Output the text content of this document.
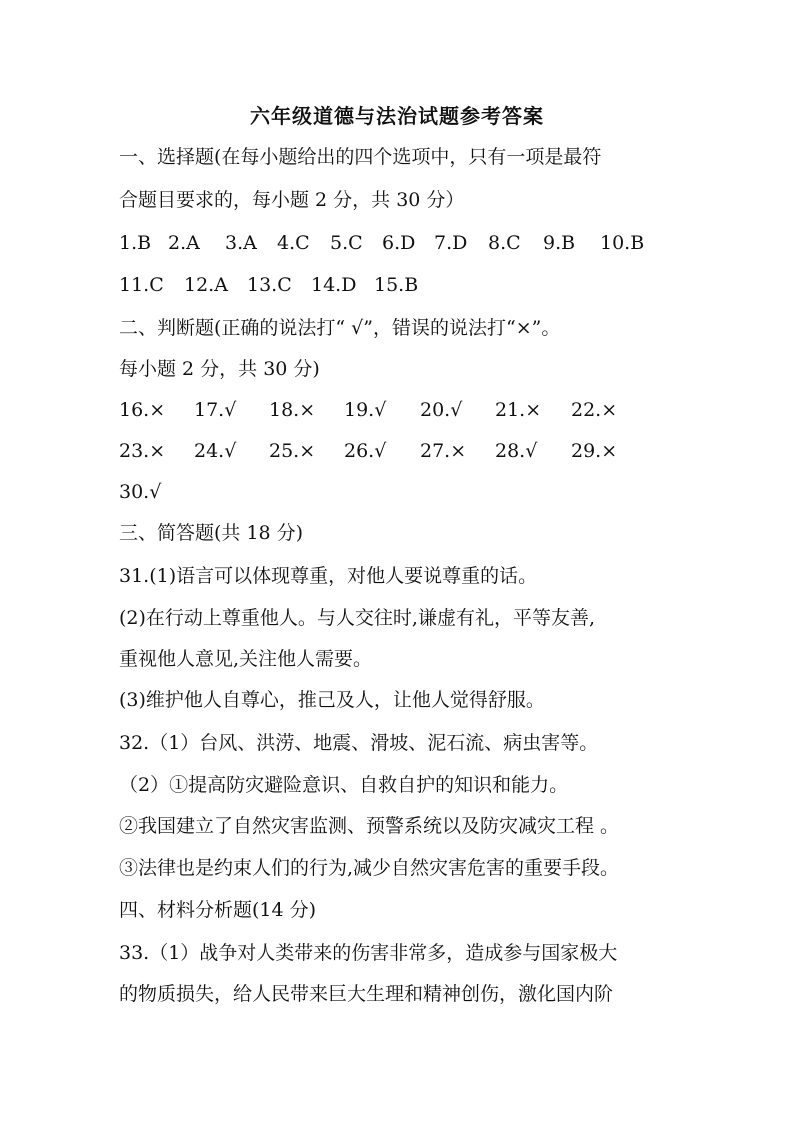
六年级道德与法治试题参考答案
一、选择题(在每小题给出的四个选项中，只有一项是最符
合题目要求的，每小题 2 分，共 30 分）
1.B 2.A	3.A	4.C	5.C	6.D 7.D	8.C	9.B	10.B
11.C	12.A	13.C	14.D 15.B
二、判断题(正确的说法打“ √”，错误的说法打“×”。
每小题 2 分，共 30 分)
16.×	17.√	18.×	19.√	20.√	21.×	22.×
23.×	24.√	25.×	26.√	27.×	28.√	29.×
30.√
三、简答题(共 18 分)
31.(1)语言可以体现尊重，对他人要说尊重的话。
(2)在行动上尊重他人。与人交往时,谦虚有礼，平等友善,
重视他人意见,关注他人需要。
(3)维护他人自尊心，推己及人，让他人觉得舒服。
32.（1）台风、洪涝、地震、滑坡、泥石流、病虫害等。
（2）①提高防灾避险意识、自救自护的知识和能力。
②我国建立了自然灾害监测、预警系统以及防灾减灾工程 。
③法律也是约束人们的行为,减少自然灾害危害的重要手段。
四、材料分析题(14 分)
33.（1）战争对人类带来的伤害非常多，造成参与国家极大
的物质损失，给人民带来巨大生理和精神创伤，激化国内阶
